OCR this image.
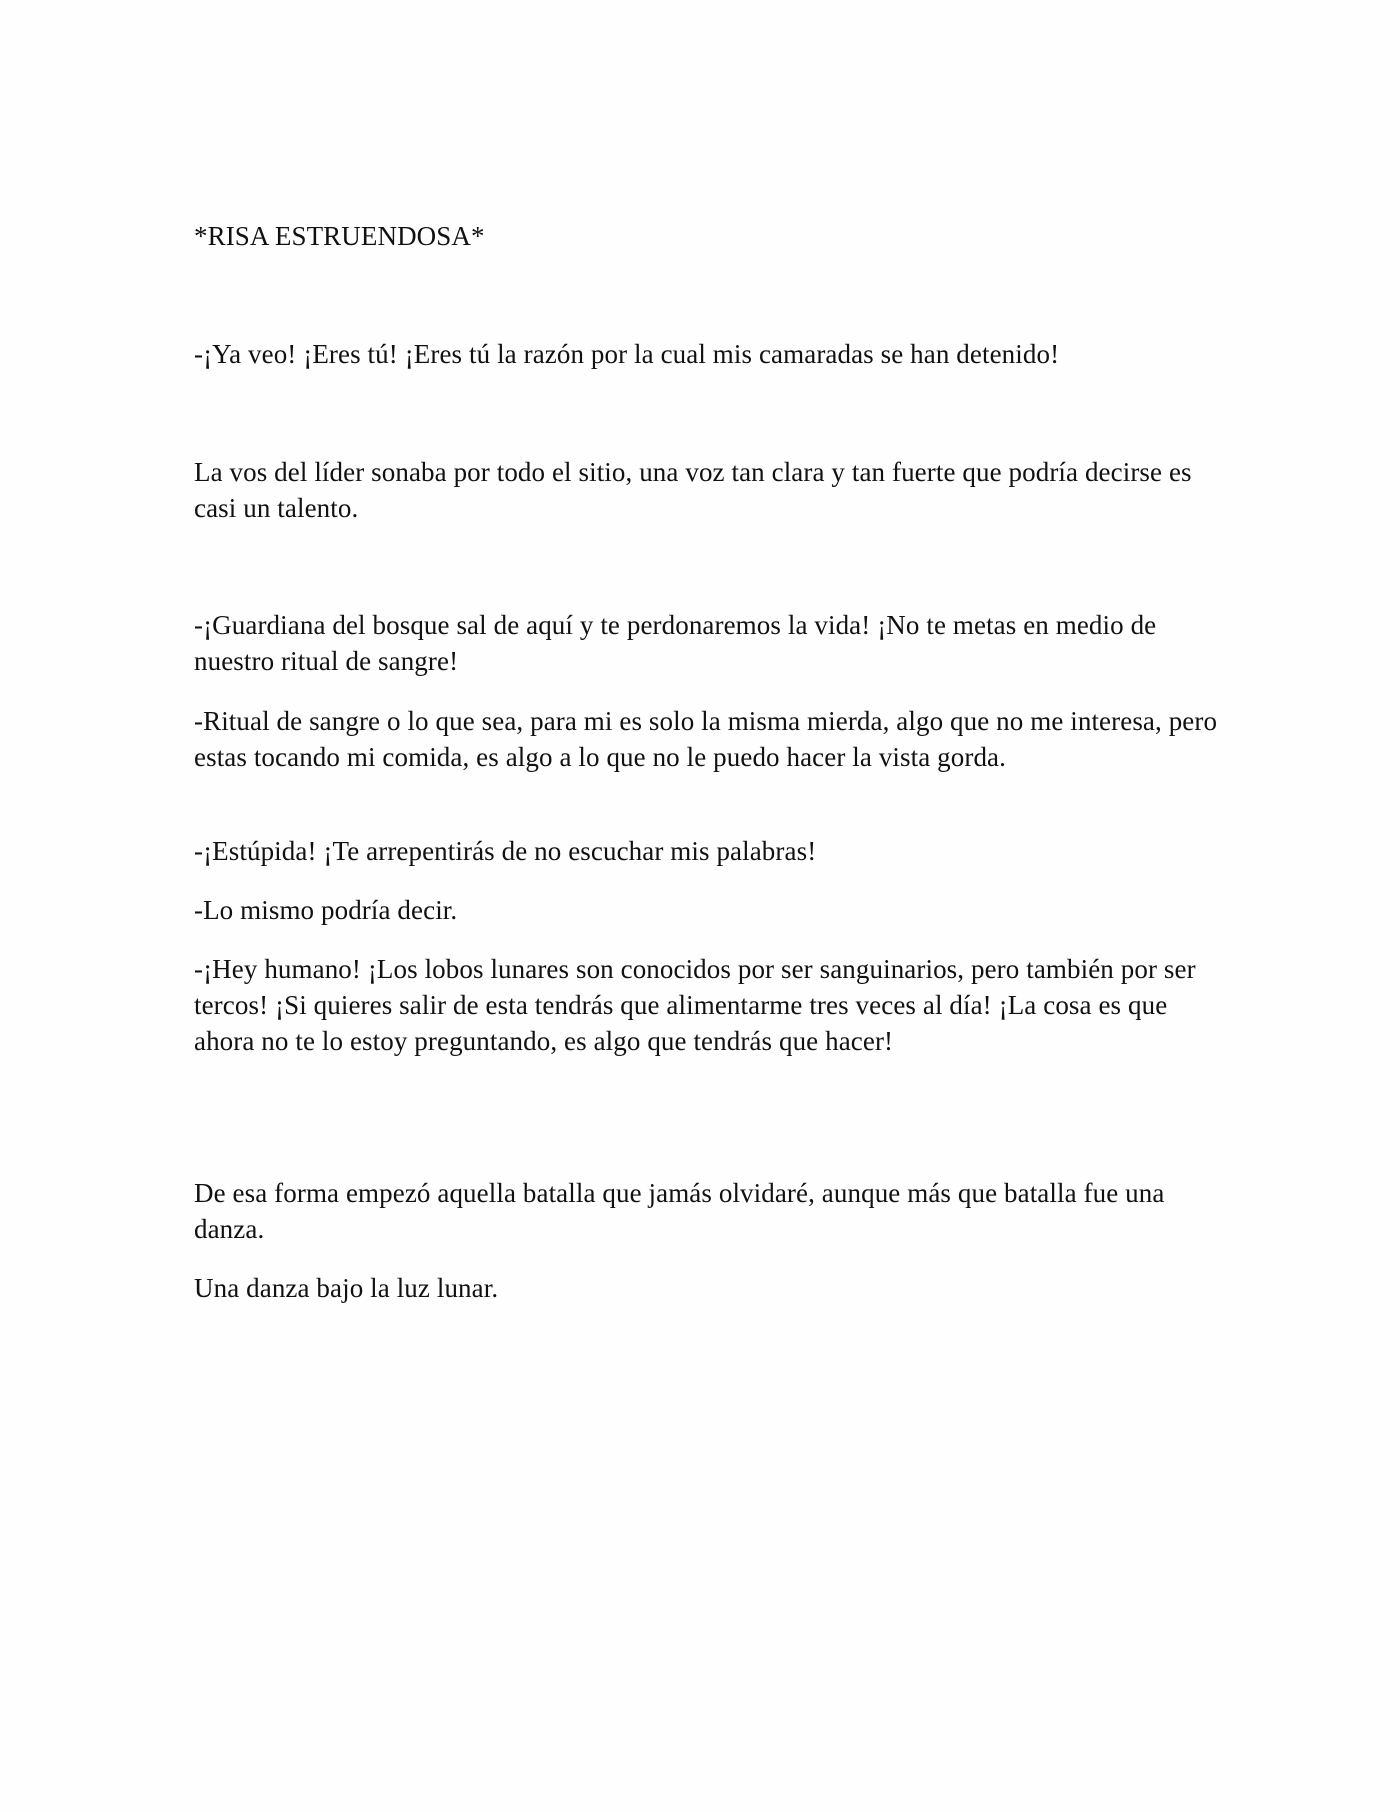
*RISA ESTRUENDOSA*

-¡Ya veo! ¡Eres tú! ¡Eres tú la razón por la cual mis camaradas se han detenido!

La vos del líder sonaba por todo el sitio, una voz tan clara y tan fuerte que podría decirse es casi un talento.

-¡Guardiana del bosque sal de aquí y te perdonaremos la vida! ¡No te metas en medio de nuestro ritual de sangre!

-Ritual de sangre o lo que sea, para mi es solo la misma mierda, algo que no me interesa, pero estas tocando mi comida, es algo a lo que no le puedo hacer la vista gorda.

-¡Estúpida! ¡Te arrepentirás de no escuchar mis palabras!

-Lo mismo podría decir.

-¡Hey humano! ¡Los lobos lunares son conocidos por ser sanguinarios, pero también por ser tercos! ¡Si quieres salir de esta tendrás que alimentarme tres veces al día! ¡La cosa es que ahora no te lo estoy preguntando, es algo que tendrás que hacer!

De esa forma empezó aquella batalla que jamás olvidaré, aunque más que batalla fue una danza.

Una danza bajo la luz lunar.
